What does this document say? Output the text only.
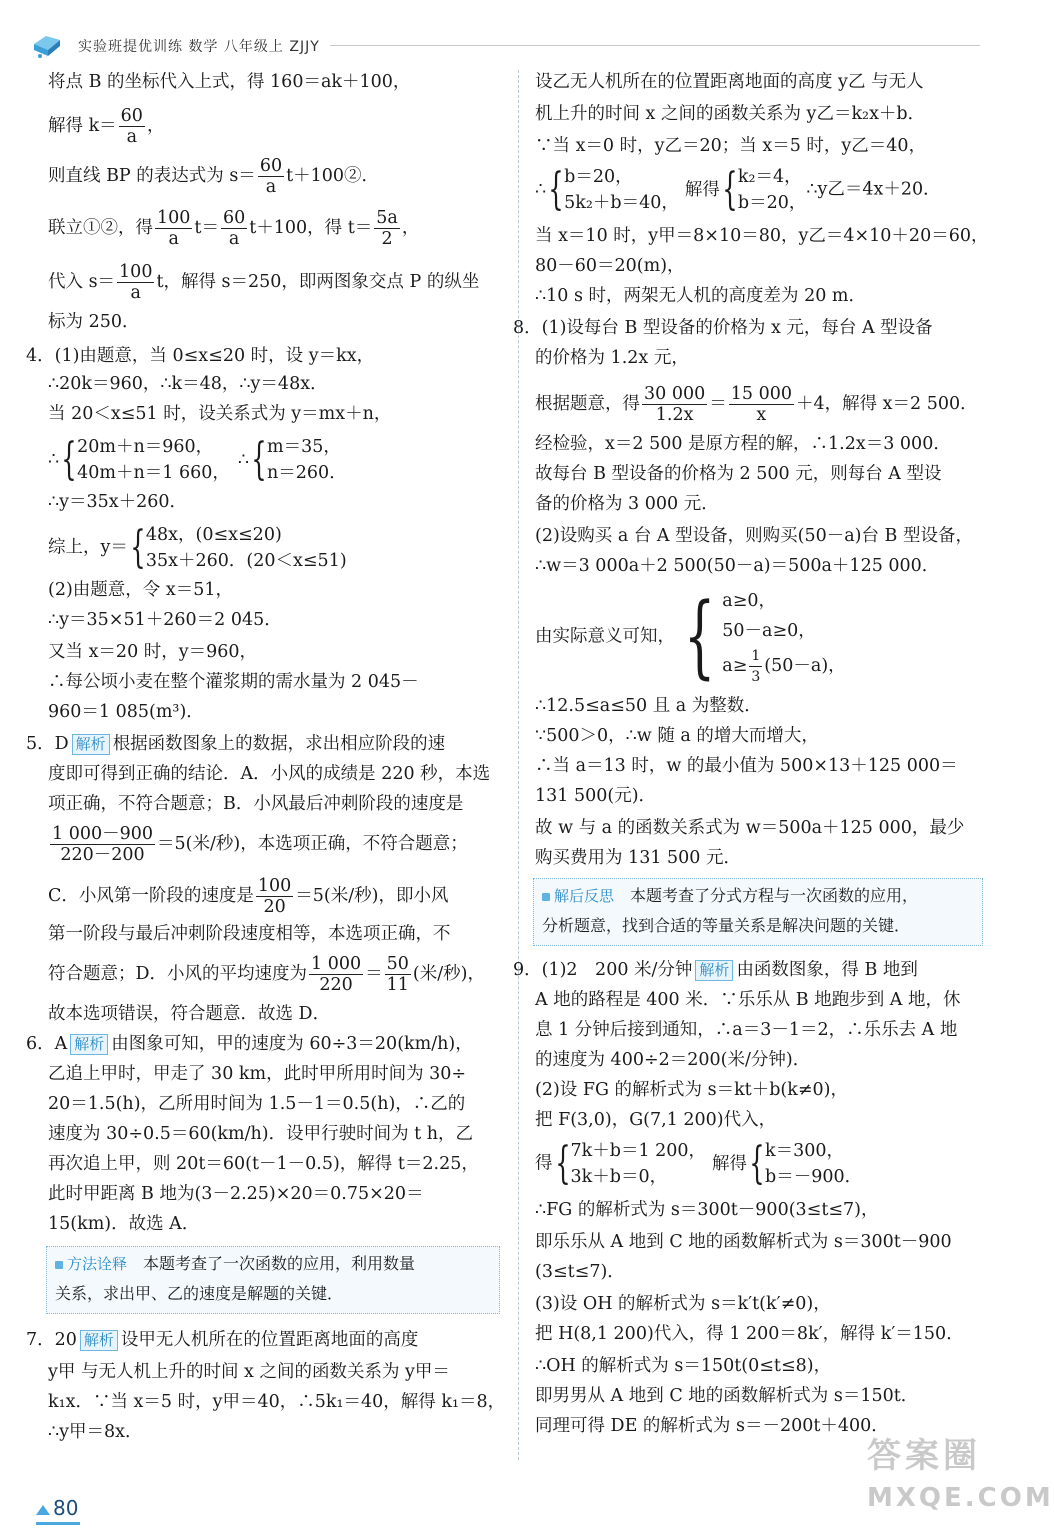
实验班提优训练 数学 八年级上 ZJJY
将点 B 的坐标代入上式，得 160＝ak＋100，
解得 $k= \frac{60}{a}$ ，
则直线 BP 的表达式为 $s= \frac{60}{a}$ t＋100②．
联立①②，得 $\frac{100}{a} t= \frac{60}{a} t+100$，得 $t= \frac{5a}{2}$ ，
代入 $s= \frac{100}{a}$ t，解得 s＝250，即两图象交点 P 的纵坐
标为 250．
4．(1)由题意，当 0≤x≤20 时，设 y＝kx，
∴20k＝960，∴k＝48，∴y＝48x．
当 20＜x≤51 时，设关系式为 y＝mx＋n，
∴{20m＋n＝960，
40m＋n＝1 660，∴{m＝35，
n＝260．
∴y＝35x＋260．
综上，y＝{48x，(0≤x≤20)
35x＋260．(20＜x≤51)
(2)由题意，令 x＝51，
∴y＝35×51＋260＝2 045．
又当 x＝20 时，y＝960，
∴每公顷小麦在整个灌浆期的需水量为 2 045－
960＝1 085(m³)．
5．D 解析 根据函数图象上的数据，求出相应阶段的速
度即可得到正确的结论．A．小风的成绩是 220 秒，本选
项正确，不符合题意；B．小风最后冲刺阶段的速度是
$\frac{1 000-900}{220-200} =5$(米/秒)，本选项正确，不符合题意；
C．小风第一阶段的速度是 $\frac{100}{20} =5$(米/秒)，即小风
第一阶段与最后冲刺阶段速度相等，本选项正确，不
符合题意；D．小风的平均速度为 $\frac{1 000}{220} = \frac{50}{11}$ (米/秒)，
故本选项错误，符合题意．故选 D．
6．A 解析 由图象可知，甲的速度为 60÷3＝20(km/h)，
乙追上甲时，甲走了 30 km，此时甲所用时间为 30÷
20＝1.5(h)，乙所用时间为 1.5－1＝0.5(h)，∴乙的
速度为 30÷0.5＝60(km/h)．设甲行驶时间为 t h，乙
再次追上甲，则 20t＝60(t－1－0.5)，解得 t＝2.25，
此时甲距离 B 地为(3－2.25)×20＝0.75×20＝
15(km)．故选 A．
方法诠释　 本题考查了一次函数的应用，利用数量
关系，求出甲、乙的速度是解题的关键．
7．20 解析 设甲无人机所在的位置距离地面的高度
y甲 与无人机上升的时间 x 之间的函数关系为 y甲＝
k₁x．∵当 x＝5 时，y甲＝40，∴5k₁＝40，解得 k₁＝8，
∴y甲＝8x．
设乙无人机所在的位置距离地面的高度 y乙 与无人
机上升的时间 x 之间的函数关系为 y乙＝k₂x＋b．
∵当 x＝0 时，y乙＝20；当 x＝5 时，y乙＝40，
∴{b＝20，
5k₂＋b＝40，解得{k₂＝4，
b＝20，∴y乙＝4x＋20．
当 x＝10 时，y甲＝8×10＝80，y乙＝4×10＋20＝60，
80－60＝20(m)，
∴10 s 时，两架无人机的高度差为 20 m．
8．(1)设每台 B 型设备的价格为 x 元，每台 A 型设备
的价格为 1.2x 元，
根据题意，得 $\frac{30 000}{1.2x} = \frac{15 000}{x} +4$，解得 x＝2 500．
经检验，x＝2 500 是原方程的解，∴1.2x＝3 000．
故每台 B 型设备的价格为 2 500 元，则每台 A 型设
备的价格为 3 000 元．
(2)设购买 a 台 A 型设备，则购买(50－a)台 B 型设备，
∴w＝3 000a＋2 500(50－a)＝500a＋125 000．
由实际意义可知，{ a≥0，
50－a≥0，
$a\ge \frac{1}{3} (50-a)$，
∴12.5≤a≤50 且 a 为整数．
∵500＞0，∴w 随 a 的增大而增大，
∴当 a＝13 时，w 的最小值为 500×13＋125 000＝
131 500(元)．
故 w 与 a 的函数关系式为 w＝500a＋125 000，最少
购买费用为 131 500 元．
解后反思　 本题考查了分式方程与一次函数的应用，
分析题意，找到合适的等量关系是解决问题的关键．
9．(1)2　200 米/分钟 解析 由函数图象，得 B 地到
A 地的路程是 400 米．∵乐乐从 B 地跑步到 A 地，休
息 1 分钟后接到通知，∴a＝3－1＝2，∴乐乐去 A 地
的速度为 400÷2＝200(米/分钟)．
(2)设 FG 的解析式为 s＝kt＋b(k≠0)，
把 F(3,0)，G(7,1 200)代入，
得{7k＋b＝1 200，
3k＋b＝0，解得{k＝300，
b＝－900．
∴FG 的解析式为 s＝300t－900(3≤t≤7)，
即乐乐从 A 地到 C 地的函数解析式为 s＝300t－900
(3≤t≤7)．
(3)设 OH 的解析式为 s＝k′t(k′≠0)，
把 H(8,1 200)代入，得 1 200＝8k′，解得 k′＝150．
∴OH 的解析式为 s＝150t(0≤t≤8)，
即男男从 A 地到 C 地的函数解析式为 s＝150t．
同理可得 DE 的解析式为 s＝－200t＋400．
80
答案圈
MXQE.COM
